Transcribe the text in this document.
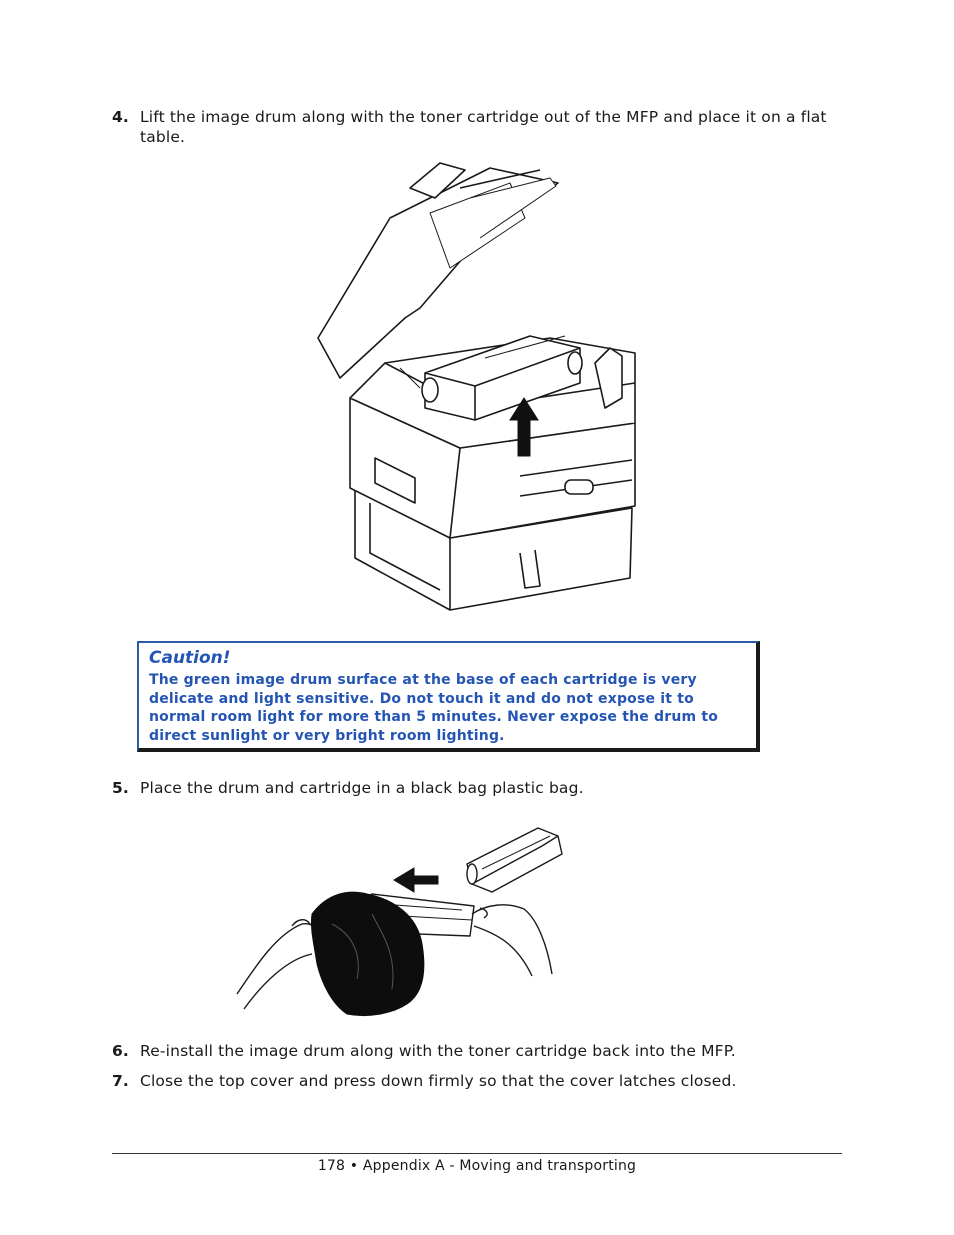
4. Lift the image drum along with the toner cartridge out of the MFP and place it on a flat table.
Caution!
The green image drum surface at the base of each cartridge is very delicate and light sensitive. Do not touch it and do not expose it to normal room light for more than 5 minutes. Never expose the drum to direct sunlight or very bright room lighting.
5. Place the drum and cartridge in a black bag plastic bag.
6. Re-install the image drum along with the toner cartridge back into the MFP.
7. Close the top cover and press down firmly so that the cover latches closed.
178 • Appendix A - Moving and transporting
